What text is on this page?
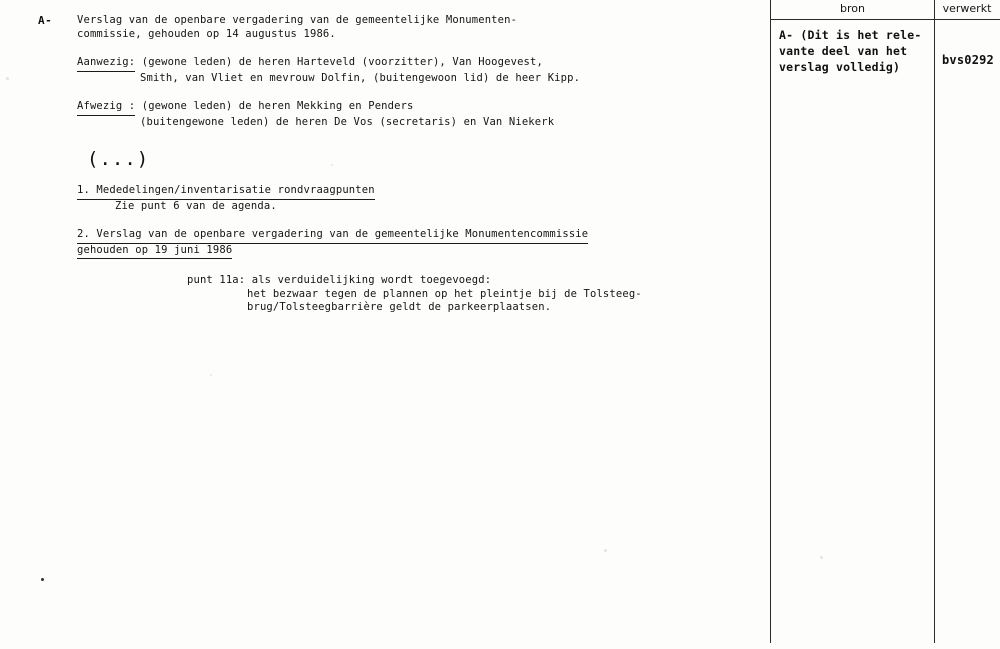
A- Verslag van de openbare vergadering van de gemeentelijke Monumenten-
commissie, gehouden op 14 augustus 1986.
Aanwezig: (gewone leden) de heren Harteveld (voorzitter), Van Hoogevest,
Smith, van Vliet en mevrouw Dolfin, (buitengewoon lid) de heer Kipp.
Afwezig : (gewone leden) de heren Mekking en Penders
(buitengewone leden) de heren De Vos (secretaris) en Van Niekerk
(...)
1. Mededelingen/inventarisatie rondvraagpunten
Zie punt 6 van de agenda.
2. Verslag van de openbare vergadering van de gemeentelijke Monumentencommissie
gehouden op 19 juni 1986
punt 11a: als verduidelijking wordt toegevoegd:
het bezwaar tegen de plannen op het pleintje bij de Tolsteeg-
brug/Tolsteegbarrière geldt de parkeerplaatsen.
bron	verwerkt
A- (Dit is het rele-
vante deel van het
verslag volledig)	bvs0292
